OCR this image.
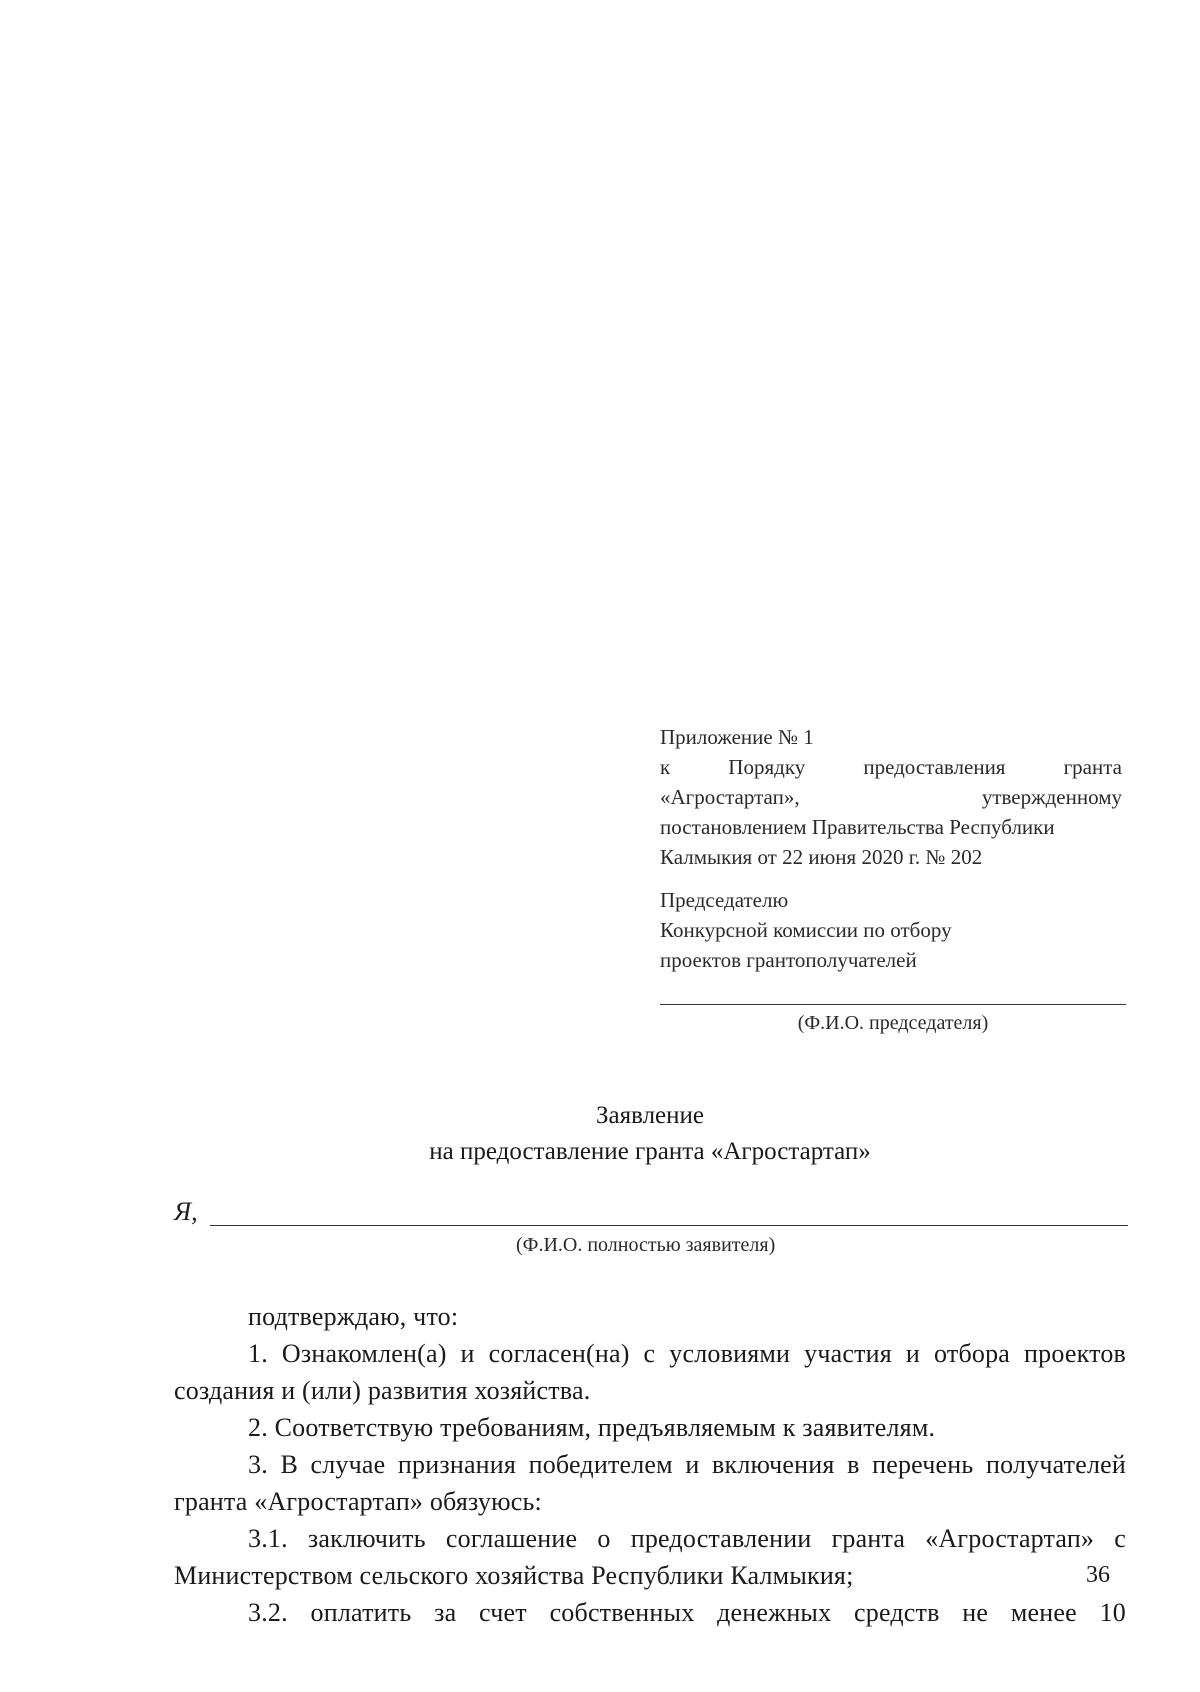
Приложение № 1
к Порядку предоставления гранта
«Агростартап», утвержденному
постановлением Правительства Республики
Калмыкия от 22 июня 2020 г. № 202
Председателю
Конкурсной комиссии по отбору
проектов грантополучателей
(Ф.И.О. председателя)
Заявление
на предоставление гранта «Агростартап»
Я,
(Ф.И.О. полностью заявителя)

подтверждаю, что:

1. Ознакомлен(а) и согласен(на) с условиями участия и отбора проектов создания и (или) развития хозяйства.

2. Соответствую требованиям, предъявляемым к заявителям.

3. В случае признания победителем и включения в перечень получателей гранта «Агростартап» обязуюсь:

3.1. заключить соглашение о предоставлении гранта «Агростартап» с Министерством сельского хозяйства Республики Калмыкия;

3.2. оплатить за счет собственных денежных средств не менее 10

36
